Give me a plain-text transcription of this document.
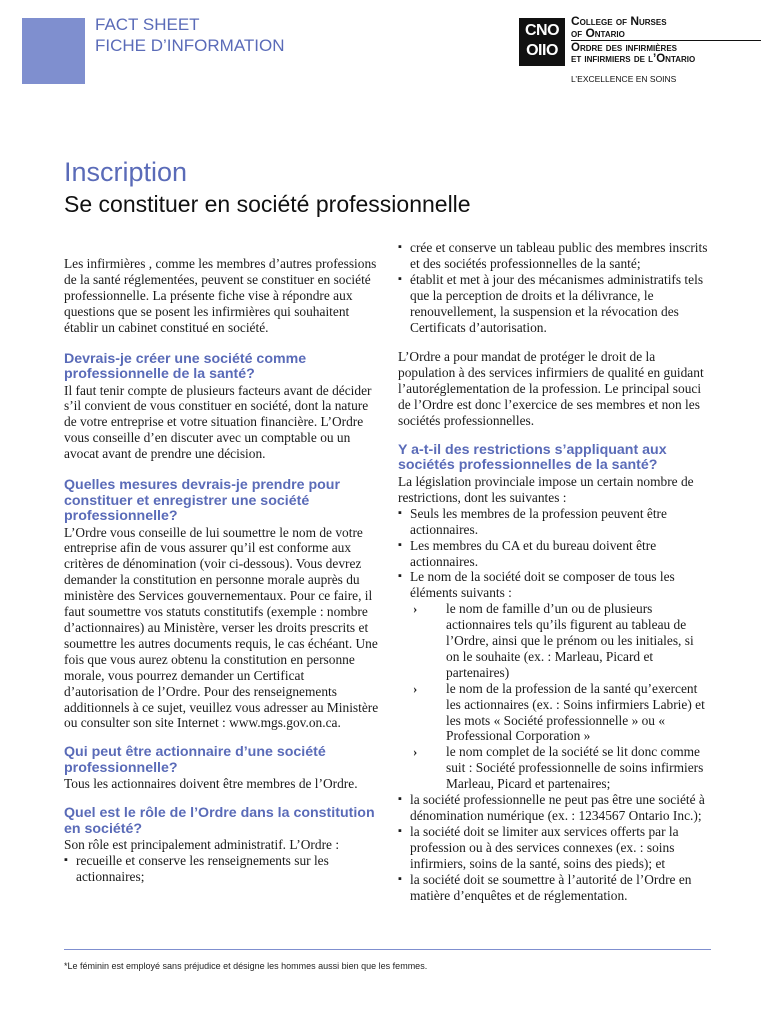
FACT SHEET
FICHE D’INFORMATION
CNO
OIIO
College of Nurses
of Ontario
Ordre des infirmières
et infirmiers de l’Ontario
L’EXCELLENCE EN SOINS
Inscription
Se constituer en société professionnelle

Les infirmières , comme les membres d’autres professions de la santé réglementées, peuvent se constituer en société professionnelle. La présente fiche vise à répondre aux questions que se posent les infirmières qui souhaitent établir un cabinet constitué en société.

Devrais-je créer une société comme professionnelle de la santé?

Il faut tenir compte de plusieurs facteurs avant de décider s’il convient de vous constituer en société, dont la nature de votre entreprise et votre situation financière. L’Ordre vous conseille d’en discuter avec un comptable ou un avocat avant de prendre une décision.

Quelles mesures devrais-je prendre pour constituer et enregistrer une société professionnelle?

L’Ordre vous conseille de lui soumettre le nom de votre entreprise afin de vous assurer qu’il est conforme aux critères de dénomination (voir ci-dessous). Vous devrez demander la constitution en personne morale auprès du ministère des Services gouvernementaux. Pour ce faire, il faut soumettre vos statuts constitutifs (exemple : nombre d’actionnaires) au Ministère, verser les droits prescrits et soumettre les autres documents requis, le cas échéant. Une fois que vous aurez obtenu la constitution en personne morale, vous pourrez demander un Certificat d’autorisation de l’Ordre. Pour des renseignements additionnels à ce sujet, veuillez vous adresser au Ministère ou consulter son site Internet : www.mgs.gov.on.ca.

Qui peut être actionnaire d’une société professionnelle?

Tous les actionnaires doivent être membres de l’Ordre.

Quel est le rôle de l’Ordre dans la constitution en société?

Son rôle est principalement administratif. L’Ordre :

▪ recueille et conserve les renseignements sur les actionnaires;
▪ crée et conserve un tableau public des membres inscrits et des sociétés professionnelles de la santé;
▪ établit et met à jour des mécanismes administratifs tels que la perception de droits et la délivrance, le renouvellement, la suspension et la révocation des Certificats d’autorisation.

L’Ordre a pour mandat de protéger le droit de la population à des services infirmiers de qualité en guidant l’autoréglementation de la profession. Le principal souci de l’Ordre est donc l’exercice de ses membres et non les sociétés professionnelles.

Y a-t-il des restrictions s’appliquant aux sociétés professionnelles de la santé?

La législation provinciale impose un certain nombre de restrictions, dont les suivantes :

▪ Seuls les membres de la profession peuvent être actionnaires.
▪ Les membres du CA et du bureau doivent être actionnaires.
▪ Le nom de la société doit se composer de tous les éléments suivants :
› le nom de famille d’un ou de plusieurs actionnaires tels qu’ils figurent au tableau de l’Ordre, ainsi que le prénom ou les initiales, si on le souhaite (ex. : Marleau, Picard et partenaires)
› le nom de la profession de la santé qu’exercent les actionnaires (ex. : Soins infirmiers Labrie) et les mots « Société professionnelle » ou « Professional Corporation »
› le nom complet de la société se lit donc comme suit : Société professionnelle de soins infirmiers Marleau, Picard et partenaires;
▪ la société professionnelle ne peut pas être une société à dénomination numérique (ex. : 1234567 Ontario Inc.);
▪ la société doit se limiter aux services offerts par la profession ou à des services connexes (ex. : soins infirmiers, soins de la santé, soins des pieds); et
▪ la société doit se soumettre à l’autorité de l’Ordre en matière d’enquêtes et de réglementation.
*Le féminin est employé sans préjudice et désigne les hommes aussi bien que les femmes.
